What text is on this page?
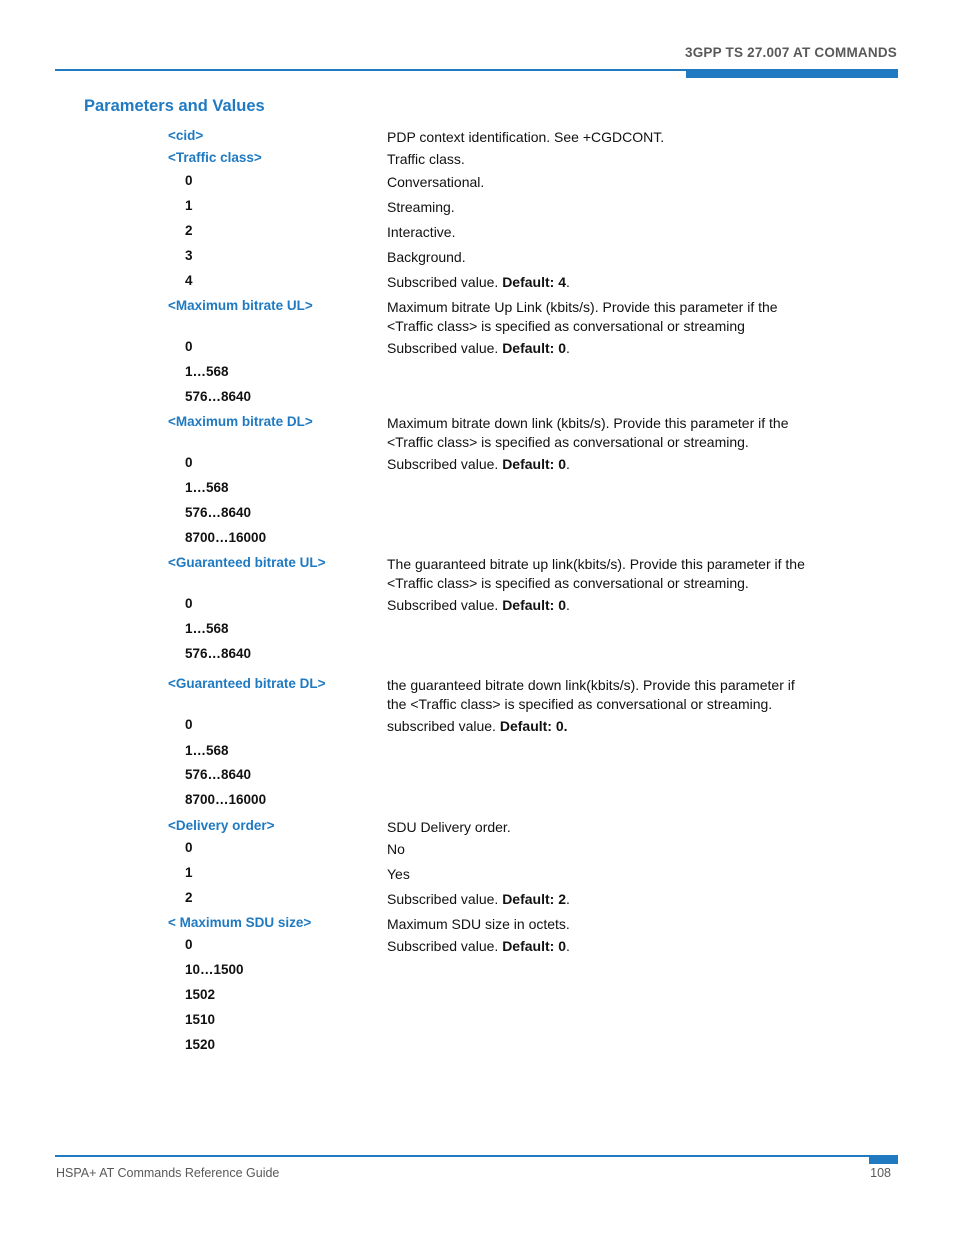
3GPP TS 27.007 AT COMMANDS
Parameters and Values
<cid>	PDP context identification. See +CGDCONT.
<Traffic class>	Traffic class.
0	Conversational.
1	Streaming.
2	Interactive.
3	Background.
4	Subscribed value. Default: 4.
<Maximum bitrate UL>	Maximum bitrate Up Link (kbits/s). Provide this parameter if the <Traffic class> is specified as conversational or streaming
0	Subscribed value. Default: 0.
1…568
576…8640
<Maximum bitrate DL>	Maximum bitrate down link (kbits/s). Provide this parameter if the <Traffic class> is specified as conversational or streaming.
0	Subscribed value. Default: 0.
1…568
576…8640
8700…16000
<Guaranteed bitrate UL>	The guaranteed bitrate up link(kbits/s). Provide this parameter if the <Traffic class> is specified as conversational or streaming.
0	Subscribed value. Default: 0.
1…568
576…8640
<Guaranteed bitrate DL>	the guaranteed bitrate down link(kbits/s). Provide this parameter if the <Traffic class> is specified as conversational or streaming.
0	subscribed value. Default: 0.
1…568
576…8640
8700…16000
<Delivery order>	SDU Delivery order.
0	No
1	Yes
2	Subscribed value. Default: 2.
< Maximum SDU size>	Maximum SDU size in octets.
0	Subscribed value. Default: 0.
10…1500
1502
1510
1520
HSPA+ AT Commands Reference Guide	108
